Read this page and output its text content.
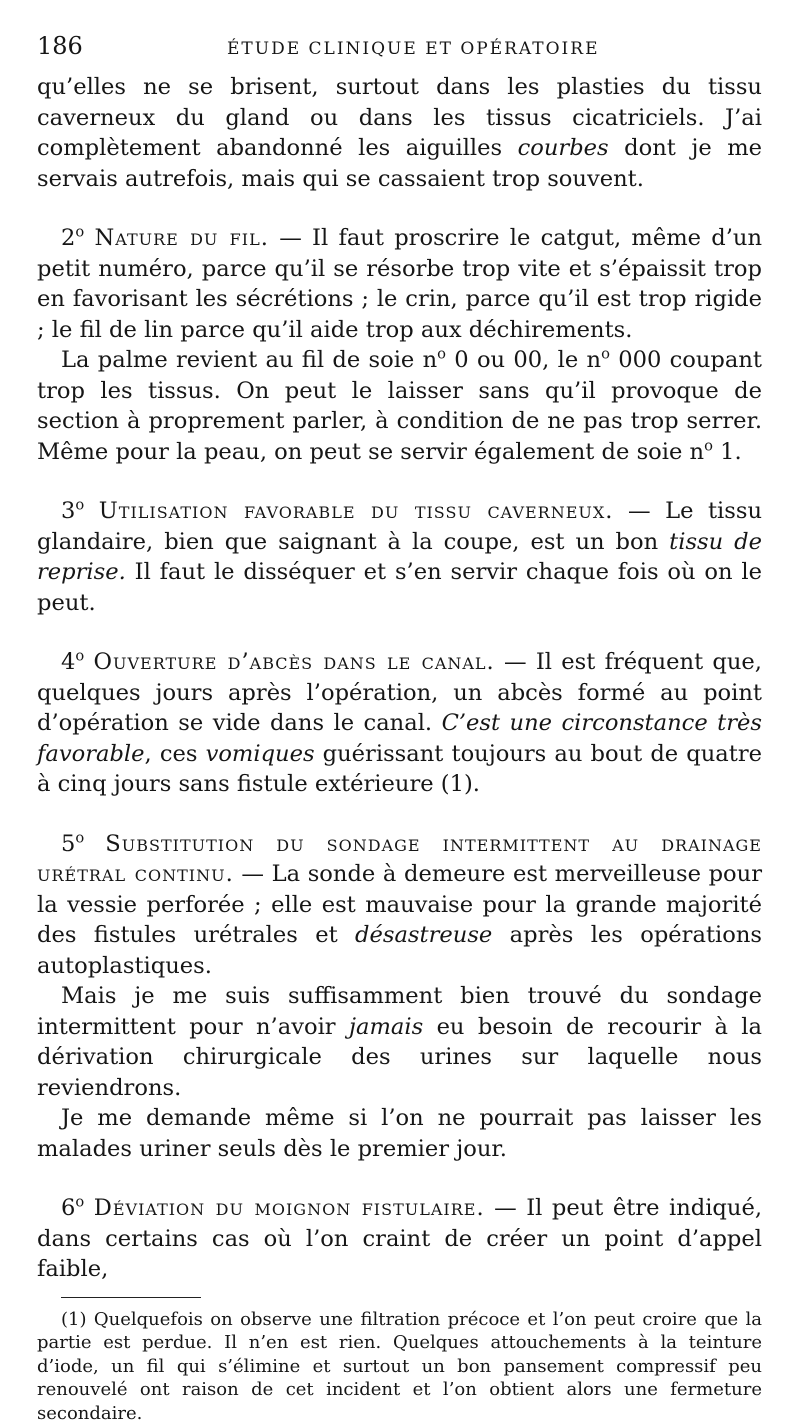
186	ÉTUDE CLINIQUE ET OPÉRATOIRE

qu’elles ne se brisent, surtout dans les plasties du tissu caverneux du gland ou dans les tissus cicatriciels. J’ai complètement abandonné les aiguilles courbes dont je me servais autrefois, mais qui se cassaient trop souvent.

2$^o$ Nature du fil. — Il faut proscrire le catgut, même d’un petit numéro, parce qu’il se résorbe trop vite et s’épaissit trop en favorisant les sécrétions ; le crin, parce qu’il est trop rigide ; le fil de lin parce qu’il aide trop aux déchirements.

La palme revient au fil de soie $n^o$ 0 ou 00, le $n^o$ 000 coupant trop les tissus. On peut le laisser sans qu’il provoque de section à proprement parler, à condition de ne pas trop serrer. Même pour la peau, on peut se servir également de soie $n^o$ 1.

3$^o$ Utilisation favorable du tissu caverneux. — Le tissu glandaire, bien que saignant à la coupe, est un bon tissu de reprise. Il faut le disséquer et s’en servir chaque fois où on le peut.

4$^o$ Ouverture d’abcès dans le canal. — Il est fréquent que, quelques jours après l’opération, un abcès formé au point d’opération se vide dans le canal. C’est une circonstance très favorable, ces vomiques guérissant toujours au bout de quatre à cinq jours sans fistule extérieure (1).

5$^o$ Substitution du sondage intermittent au drainage urétral continu. — La sonde à demeure est merveilleuse pour la vessie perforée ; elle est mauvaise pour la grande majorité des fistules urétrales et désastreuse après les opérations autoplastiques.

Mais je me suis suffisamment bien trouvé du sondage intermittent pour n’avoir jamais eu besoin de recourir à la dérivation chirurgicale des urines sur laquelle nous reviendrons.

Je me demande même si l’on ne pourrait pas laisser les malades uriner seuls dès le premier jour.

6$^o$ Déviation du moignon fistulaire. — Il peut être indiqué, dans certains cas où l’on craint de créer un point d’appel faible,

(1) Quelquefois on observe une filtration précoce et l’on peut croire que la partie est perdue. Il n’en est rien. Quelques attouchements à la teinture d’iode, un fil qui s’élimine et surtout un bon pansement compressif peu renouvelé ont raison de cet incident et l’on obtient alors une fermeture secondaire.
